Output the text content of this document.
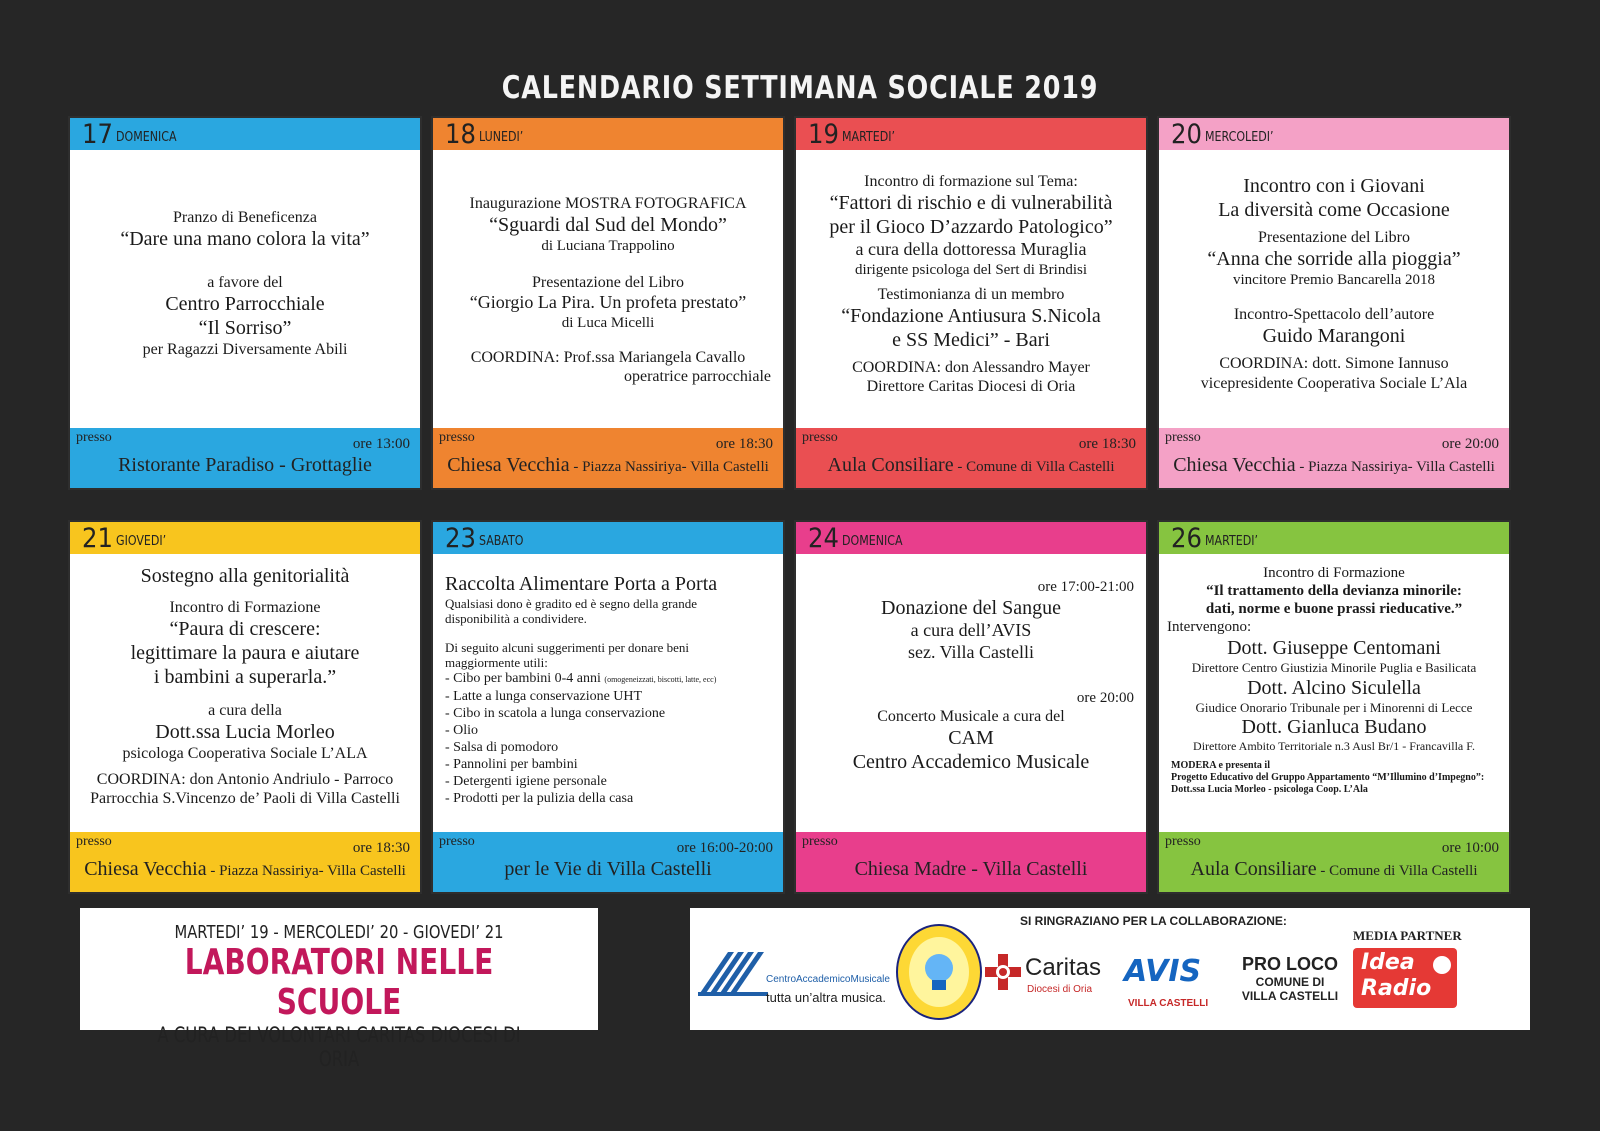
CALENDARIO SETTIMANA SOCIALE 2019
17 DOMENICA
Pranzo di Beneficenza
“Dare una mano colora la vita”
a favore del
Centro Parrocchiale
“Il Sorriso”
per Ragazzi Diversamente Abili
presso	ore 13:00
Ristorante Paradiso - Grottaglie
18 LUNEDI’
Inaugurazione MOSTRA FOTOGRAFICA
“Sguardi dal Sud del Mondo”
di Luciana Trappolino
Presentazione del Libro
“Giorgio La Pira. Un profeta prestato”
di Luca Micelli
COORDINA: Prof.ssa Mariangela Cavallo
operatrice parrocchiale
presso	ore 18:30
Chiesa Vecchia - Piazza Nassiriya- Villa Castelli
19 MARTEDI’
Incontro di formazione sul Tema:
“Fattori di rischio e di vulnerabilità
per il Gioco D’azzardo Patologico”
a cura della dottoressa Muraglia
dirigente psicologa del Sert di Brindisi
Testimonianza di un membro
“Fondazione Antiusura S.Nicola
e SS Medici” - Bari
COORDINA: don Alessandro Mayer
Direttore Caritas Diocesi di Oria
presso	ore 18:30
Aula Consiliare - Comune di Villa Castelli
20 MERCOLEDI’
Incontro con i Giovani
La diversità come Occasione
Presentazione del Libro
“Anna che sorride alla pioggia”
vincitore Premio Bancarella 2018
Incontro-Spettacolo dell’autore
Guido Marangoni
COORDINA: dott. Simone Iannuso
vicepresidente Cooperativa Sociale L’Ala
presso	ore 20:00
Chiesa Vecchia - Piazza Nassiriya- Villa Castelli
21 GIOVEDI’
Sostegno alla genitorialità
Incontro di Formazione
“Paura di crescere:
legittimare la paura e aiutare
i bambini a superarla.”
a cura della
Dott.ssa Lucia Morleo
psicologa Cooperativa Sociale L’ALA
COORDINA: don Antonio Andriulo - Parroco
Parrocchia S.Vincenzo de’ Paoli di Villa Castelli
presso	ore 18:30
Chiesa Vecchia - Piazza Nassiriya- Villa Castelli
23 SABATO
Raccolta Alimentare Porta a Porta
Qualsiasi dono è gradito ed è segno della grande disponibilità a condividere.
Di seguito alcuni suggerimenti per donare beni maggiormente utili:
- Cibo per bambini 0-4 anni (omogeneizzati, biscotti, latte, ecc)
- Latte a lunga conservazione UHT
- Cibo in scatola a lunga conservazione
- Olio
- Salsa di pomodoro
- Pannolini per bambini
- Detergenti igiene personale
- Prodotti per la pulizia della casa
presso	ore 16:00-20:00
per le Vie di Villa Castelli
24 DOMENICA
ore 17:00-21:00
Donazione del Sangue
a cura dell’AVIS
sez. Villa Castelli
ore 20:00
Concerto Musicale a cura del
CAM
Centro Accademico Musicale
presso
Chiesa Madre - Villa Castelli
26 MARTEDI’
Incontro di Formazione
“Il trattamento della devianza minorile:
dati, norme e buone prassi rieducative.”
Intervengono:
Dott. Giuseppe Centomani
Direttore Centro Giustizia Minorile Puglia e Basilicata
Dott. Alcino Siculella
Giudice Onorario Tribunale per i Minorenni di Lecce
Dott. Gianluca Budano
Direttore Ambito Territoriale n.3 Ausl Br/1 - Francavilla F.
MODERA e presenta il
Progetto Educativo del Gruppo Appartamento “M’Illumino d’Impegno”:
Dott.ssa Lucia Morleo - psicologa Coop. L’Ala
presso	ore 10:00
Aula Consiliare - Comune di Villa Castelli
MARTEDI’ 19 - MERCOLEDI’ 20 - GIOVEDI’ 21
LABORATORI NELLE SCUOLE
A CURA DEI VOLONTARI CARITAS DIOCESI DI ORIA
SI RINGRAZIANO PER LA COLLABORAZIONE:
CentroAccademicoMusicale
tutta un’altra musica.
Caritas
Diocesi di Oria
AVIS
VILLA CASTELLI
PRO LOCO
COMUNE DI
VILLA CASTELLI
MEDIA PARTNER
Idea
Radio
